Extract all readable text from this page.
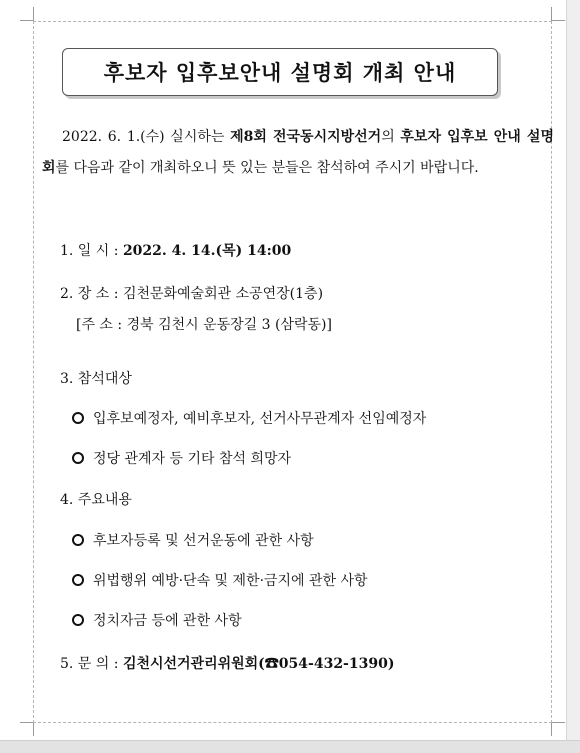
후보자 입후보안내 설명회 개최 안내
2022. 6. 1.(수) 실시하는 제8회 전국동시지방선거의 후보자 입후보 안내 설명회를 다음과 같이 개최하오니 뜻 있는 분들은 참석하여 주시기 바랍니다.
1. 일 시 : 2022. 4. 14.(목) 14:00
2. 장 소 : 김천문화예술회관 소공연장(1층)
[주 소 : 경북 김천시 운동장길 3 (삼락동)]
3. 참석대상
입후보예정자, 예비후보자, 선거사무관계자 선임예정자
정당 관계자 등 기타 참석 희망자
4. 주요내용
후보자등록 및 선거운동에 관한 사항
위법행위 예방·단속 및 제한·금지에 관한 사항
정치자금 등에 관한 사항
5. 문 의 : 김천시선거관리위원회(☎054-432-1390)
